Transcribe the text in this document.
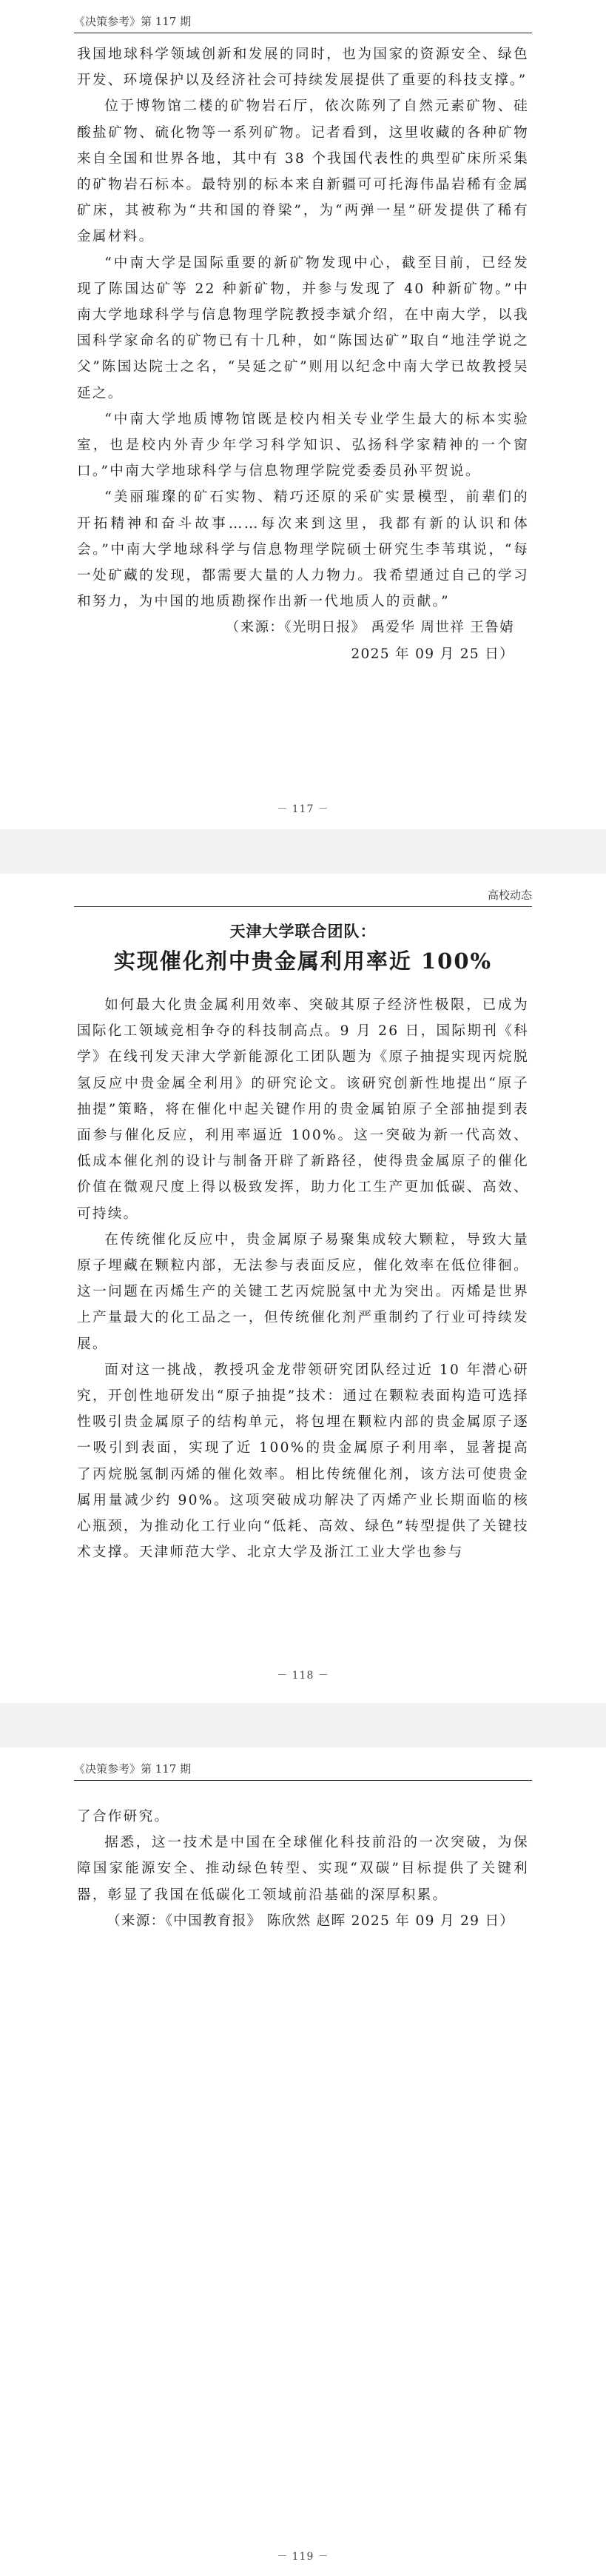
《决策参考》第 117 期

我国地球科学领域创新和发展的同时，也为国家的资源安全、绿色开发、环境保护以及经济社会可持续发展提供了重要的科技支撑。”

位于博物馆二楼的矿物岩石厅，依次陈列了自然元素矿物、硅酸盐矿物、硫化物等一系列矿物。记者看到，这里收藏的各种矿物来自全国和世界各地，其中有 38 个我国代表性的典型矿床所采集的矿物岩石标本。最特别的标本来自新疆可可托海伟晶岩稀有金属矿床，其被称为“共和国的脊梁”，为“两弹一星”研发提供了稀有金属材料。

“中南大学是国际重要的新矿物发现中心，截至目前，已经发现了陈国达矿等 22 种新矿物，并参与发现了 40 种新矿物。”中南大学地球科学与信息物理学院教授李斌介绍，在中南大学，以我国科学家命名的矿物已有十几种，如“陈国达矿”取自“地洼学说之父”陈国达院士之名，“吴延之矿”则用以纪念中南大学已故教授吴延之。

“中南大学地质博物馆既是校内相关专业学生最大的标本实验室，也是校内外青少年学习科学知识、弘扬科学家精神的一个窗口。”中南大学地球科学与信息物理学院党委委员孙平贺说。

“美丽璀璨的矿石实物、精巧还原的采矿实景模型，前辈们的开拓精神和奋斗故事……每次来到这里，我都有新的认识和体会。”中南大学地球科学与信息物理学院硕士研究生李苇琪说，“每一处矿藏的发现，都需要大量的人力物力。我希望通过自己的学习和努力，为中国的地质勘探作出新一代地质人的贡献。”

（来源：《光明日报》 禹爱华 周世祥 王鲁婧

2025 年 09 月 25 日）

－ 117 －
高校动态
天津大学联合团队：
实现催化剂中贵金属利用率近 100%

如何最大化贵金属利用效率、突破其原子经济性极限，已成为国际化工领域竞相争夺的科技制高点。9 月 26 日，国际期刊《科学》在线刊发天津大学新能源化工团队题为《原子抽提实现丙烷脱氢反应中贵金属全利用》的研究论文。该研究创新性地提出“原子抽提”策略，将在催化中起关键作用的贵金属铂原子全部抽提到表面参与催化反应，利用率逼近 100%。这一突破为新一代高效、低成本催化剂的设计与制备开辟了新路径，使得贵金属原子的催化价值在微观尺度上得以极致发挥，助力化工生产更加低碳、高效、可持续。

在传统催化反应中，贵金属原子易聚集成较大颗粒，导致大量原子埋藏在颗粒内部，无法参与表面反应，催化效率在低位徘徊。这一问题在丙烯生产的关键工艺丙烷脱氢中尤为突出。丙烯是世界上产量最大的化工品之一，但传统催化剂严重制约了行业可持续发展。

面对这一挑战，教授巩金龙带领研究团队经过近 10 年潜心研究，开创性地研发出“原子抽提”技术：通过在颗粒表面构造可选择性吸引贵金属原子的结构单元，将包埋在颗粒内部的贵金属原子逐一吸引到表面，实现了近 100%的贵金属原子利用率，显著提高了丙烷脱氢制丙烯的催化效率。相比传统催化剂，该方法可使贵金属用量减少约 90%。这项突破成功解决了丙烯产业长期面临的核心瓶颈，为推动化工行业向“低耗、高效、绿色”转型提供了关键技术支撑。天津师范大学、北京大学及浙江工业大学也参与

－ 118 －
《决策参考》第 117 期

了合作研究。

据悉，这一技术是中国在全球催化科技前沿的一次突破，为保障国家能源安全、推动绿色转型、实现“双碳”目标提供了关键利器，彰显了我国在低碳化工领域前沿基础的深厚积累。

（来源：《中国教育报》 陈欣然 赵晖 2025 年 09 月 29 日）

－ 119 －
